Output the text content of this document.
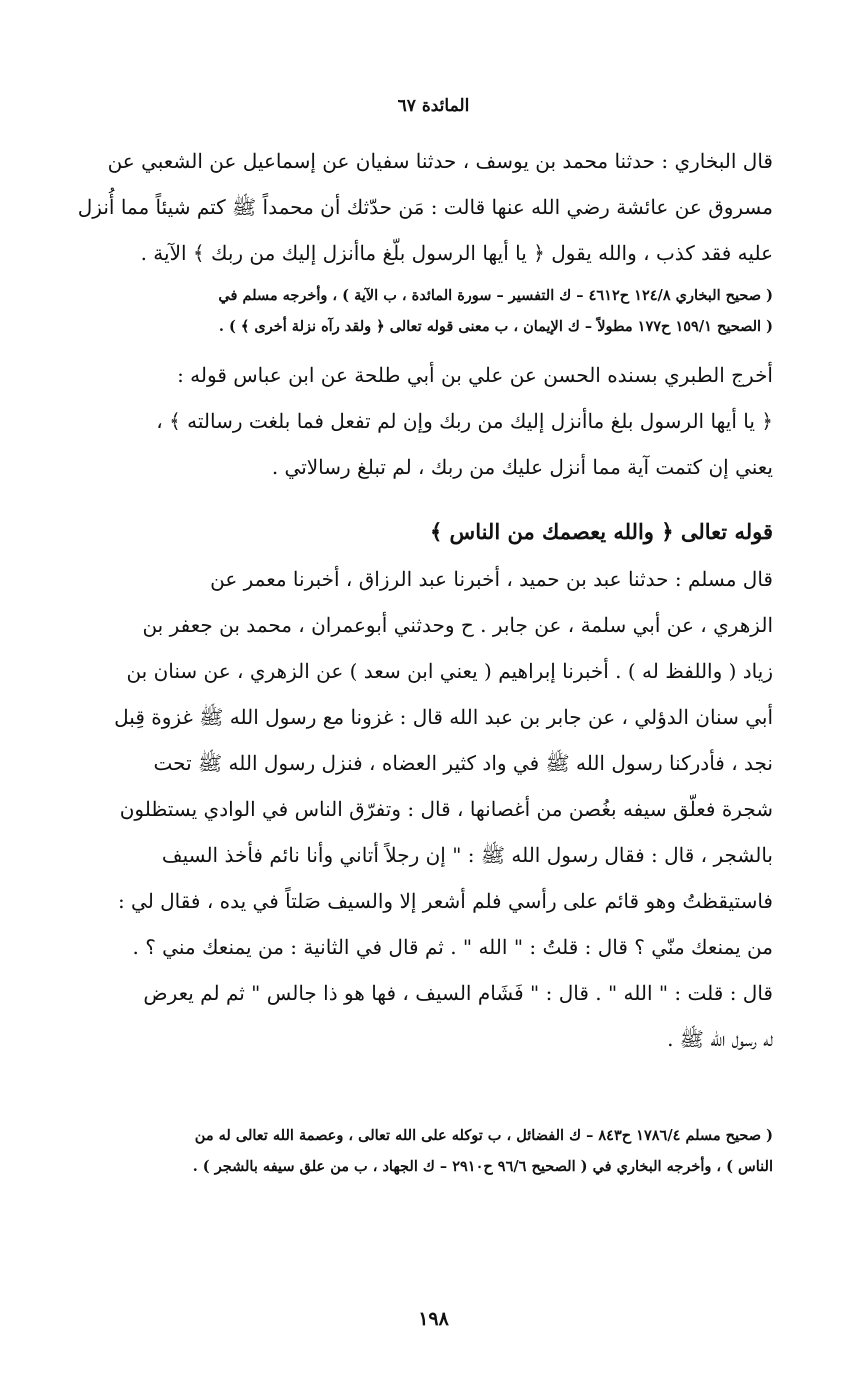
المائدة ٦٧
قال البخاري : حدثنا محمد بن يوسف ، حدثنا سفيان عن إسماعيل عن الشعبي عن
مسروق عن عائشة رضي الله عنها قالت : مَن حدّثك أن محمداً ﷺ كتم شيئاً مما أُنزل
عليه فقد كذب ، والله يقول ﴿ يا أيها الرسول بلّغ ماأنزل إليك من ربك ﴾ الآية .
( صحيح البخاري ١٢٤/٨ ح٤٦١٢ – ك التفسير – سورة المائدة ، ب الآية ) ، وأخرجه مسلم في
( الصحيح ١٥٩/١ ح١٧٧ مطولاً – ك الإيمان ، ب معنى قوله تعالى ﴿ ولقد رآه نزلة أخرى ﴾ ) .
أخرج الطبري بسنده الحسن عن علي بن أبي طلحة عن ابن عباس قوله :
﴿ يا أيها الرسول بلغ ماأنزل إليك من ربك وإن لم تفعل فما بلغت رسالته ﴾ ،
يعني إن كتمت آية مما أنزل عليك من ربك ، لم تبلغ رسالاتي .
قوله تعالى ﴿ والله يعصمك من الناس ﴾
قال مسلم : حدثنا عبد بن حميد ، أخبرنا عبد الرزاق ، أخبرنا معمر عن
الزهري ، عن أبي سلمة ، عن جابر . ح وحدثني أبوعمران ، محمد بن جعفر بن
زياد ( واللفظ له ) . أخبرنا إبراهيم ( يعني ابن سعد ) عن الزهري ، عن سنان بن
أبي سنان الدؤلي ، عن جابر بن عبد الله قال : غزونا مع رسول الله ﷺ غزوة قِبل
نجد ، فأدركنا رسول الله ﷺ في واد كثير العضاه ، فنزل رسول الله ﷺ تحت
شجرة فعلّق سيفه بغُصن من أغصانها ، قال : وتفرّق الناس في الوادي يستظلون
بالشجر ، قال : فقال رسول الله ﷺ : " إن رجلاً أتاني وأنا نائم فأخذ السيف
فاستيقظتُ وهو قائم على رأسي فلم أشعر إلا والسيف صَلتاً في يده ، فقال لي :
من يمنعك منّي ؟ قال : قلتُ : " الله " . ثم قال في الثانية : من يمنعك مني ؟ .
قال : قلت : " الله " . قال : " فَشَام السيف ، فها هو ذا جالس " ثم لم يعرض
له رسول الله ﷺ .
( صحيح مسلم ١٧٨٦/٤ ح٨٤٣ – ك الفضائل ، ب توكله على الله تعالى ، وعصمة الله تعالى له من
الناس ) ، وأخرجه البخاري في ( الصحيح ٩٦/٦ ح٢٩١٠ – ك الجهاد ، ب من علق سيفه بالشجر ) .
١٩٨
